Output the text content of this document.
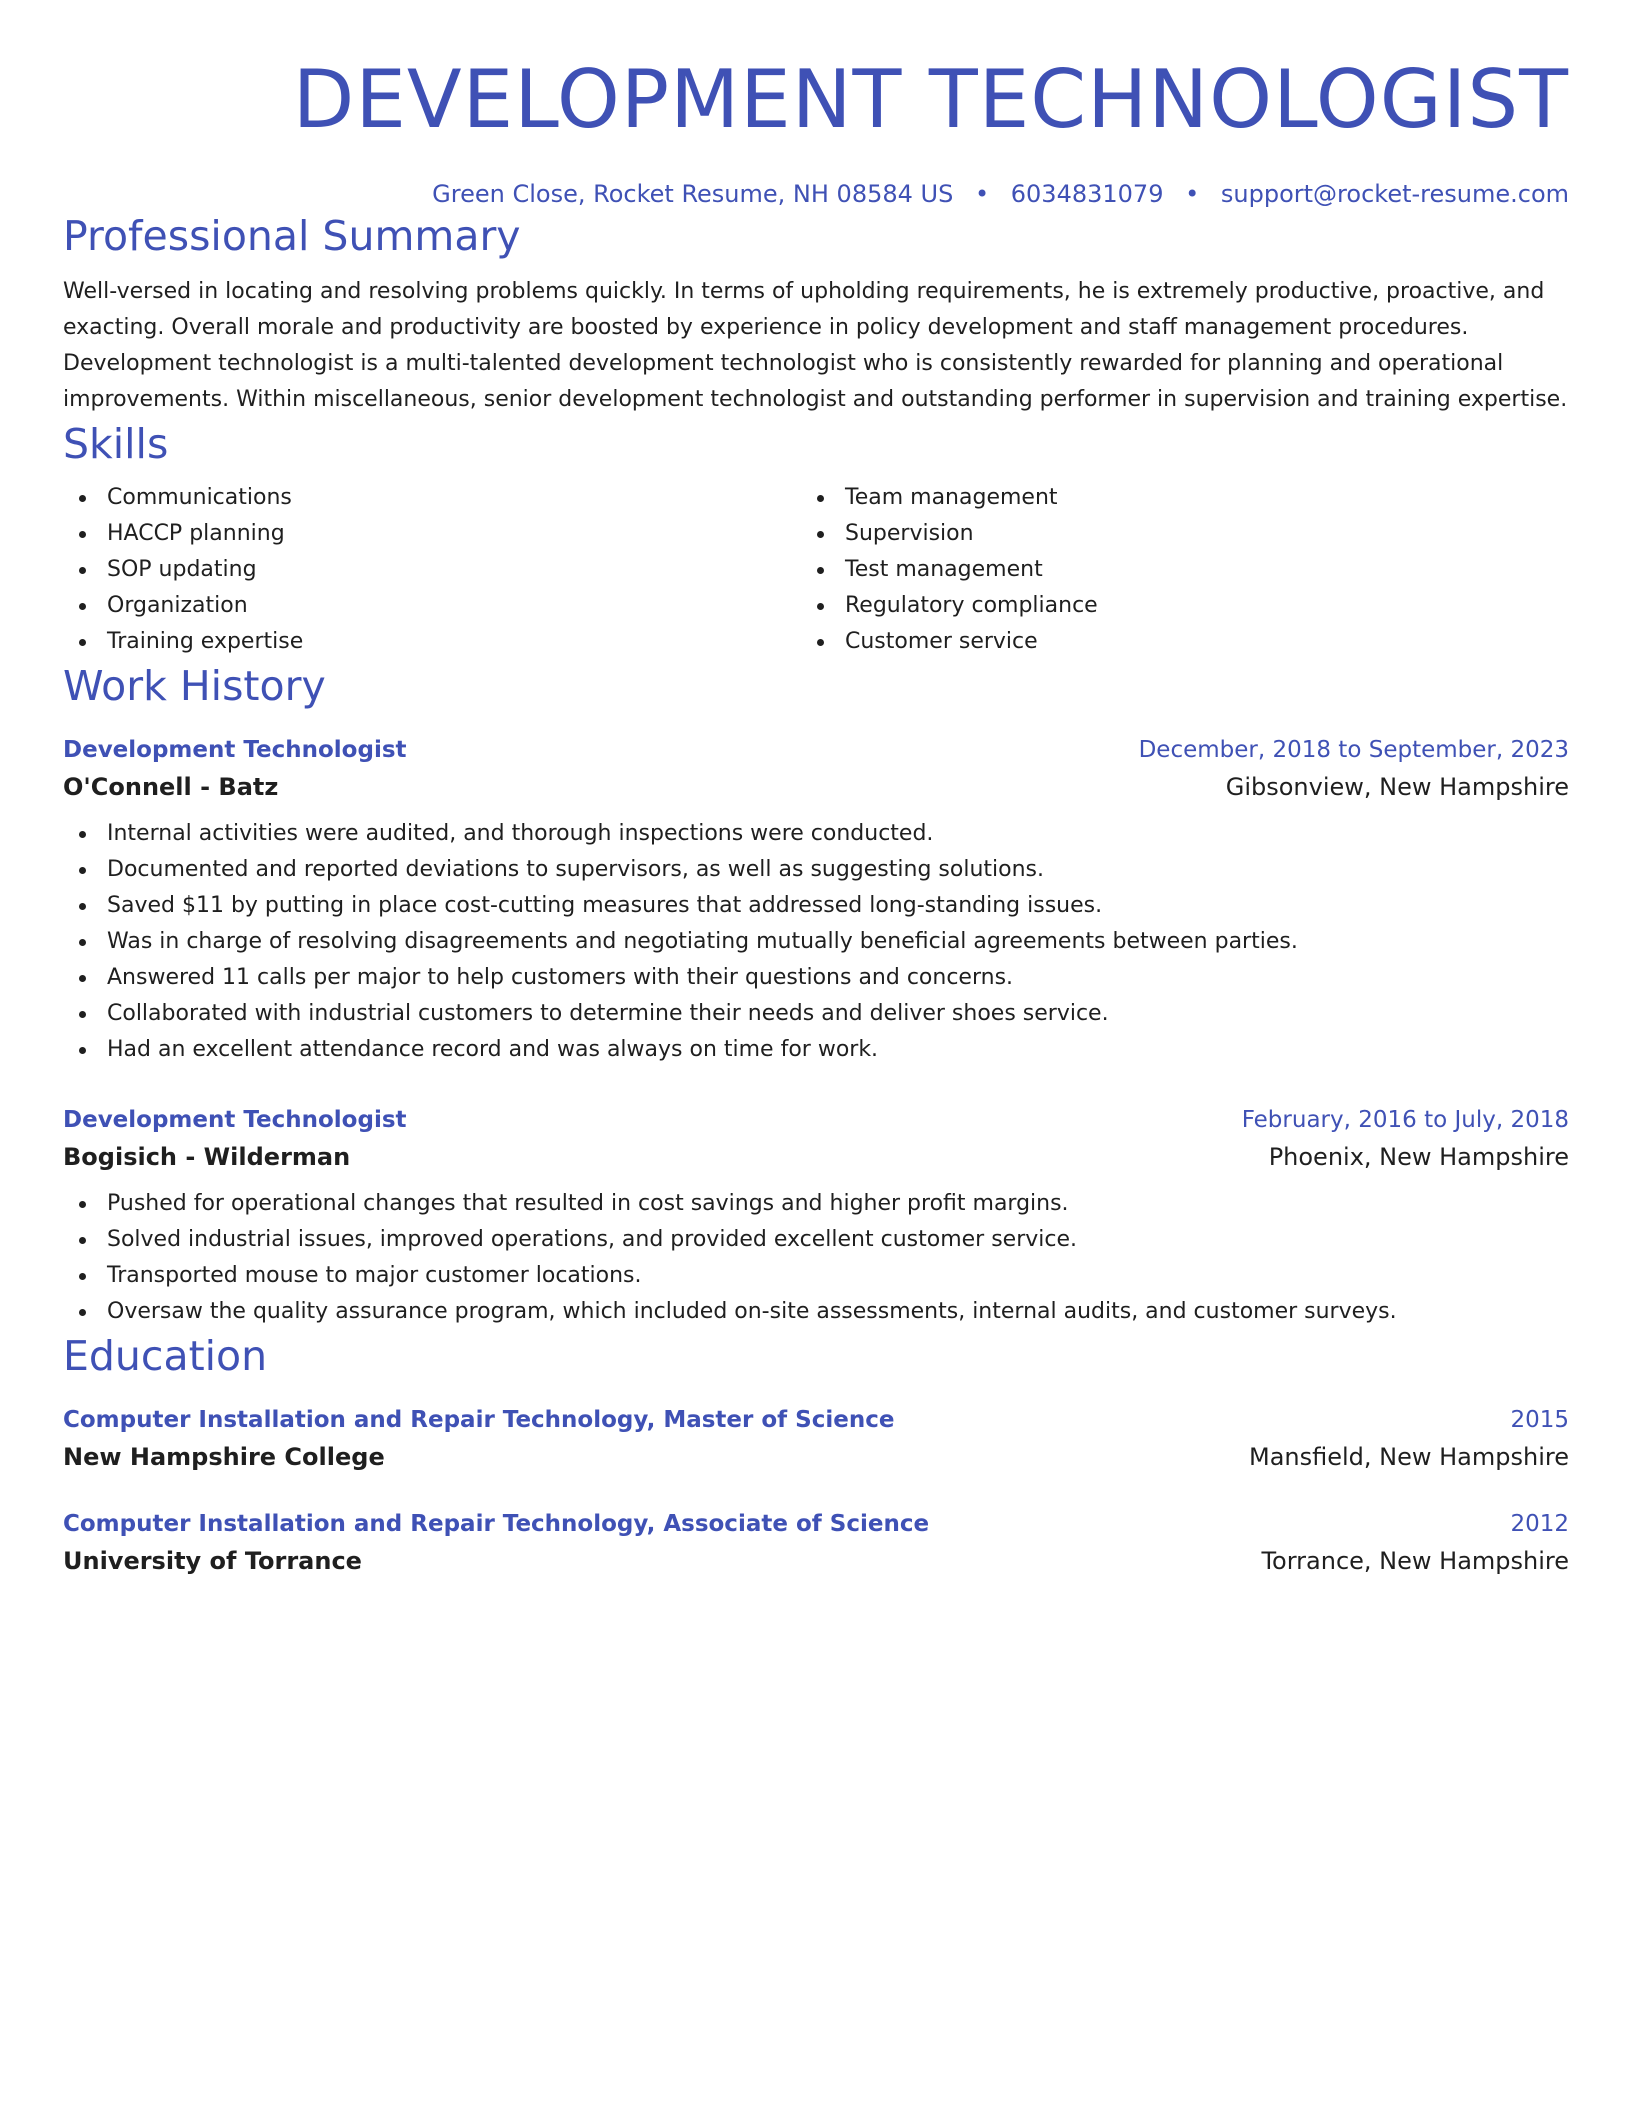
DEVELOPMENT TECHNOLOGIST
Green Close, Rocket Resume, NH 08584 US • 6034831079 • support@rocket-resume.com
Professional Summary

Well-versed in locating and resolving problems quickly. In terms of upholding requirements, he is extremely productive, proactive, and exacting. Overall morale and productivity are boosted by experience in policy development and staff management procedures. Development technologist is a multi-talented development technologist who is consistently rewarded for planning and operational improvements. Within miscellaneous, senior development technologist and outstanding performer in supervision and training expertise.

Skills
Communications
HACCP planning
SOP updating
Organization
Training expertise
Team management
Supervision
Test management
Regulatory compliance
Customer service
Work History
Development Technologist	December, 2018 to September, 2023
O'Connell - Batz	Gibsonview, New Hampshire
Internal activities were audited, and thorough inspections were conducted.
Documented and reported deviations to supervisors, as well as suggesting solutions.
Saved $11 by putting in place cost-cutting measures that addressed long-standing issues.
Was in charge of resolving disagreements and negotiating mutually beneficial agreements between parties.
Answered 11 calls per major to help customers with their questions and concerns.
Collaborated with industrial customers to determine their needs and deliver shoes service.
Had an excellent attendance record and was always on time for work.
Development Technologist	February, 2016 to July, 2018
Bogisich - Wilderman	Phoenix, New Hampshire
Pushed for operational changes that resulted in cost savings and higher profit margins.
Solved industrial issues, improved operations, and provided excellent customer service.
Transported mouse to major customer locations.
Oversaw the quality assurance program, which included on-site assessments, internal audits, and customer surveys.
Education
Computer Installation and Repair Technology, Master of Science	2015
New Hampshire College	Mansfield, New Hampshire
Computer Installation and Repair Technology, Associate of Science	2012
University of Torrance	Torrance, New Hampshire
